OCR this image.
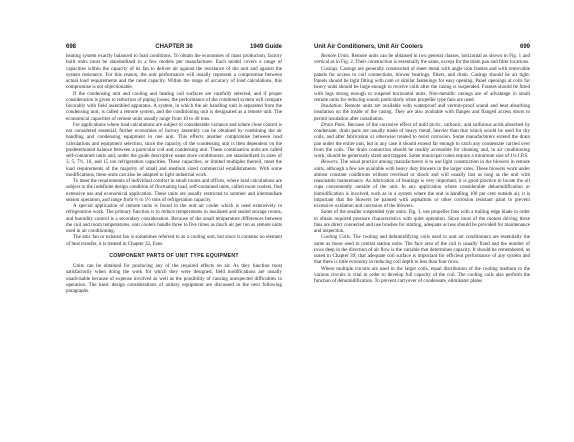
698	CHAPTER 36	1949 Guide

heating system exactly balanced to load conditions. To obtain the economies of mass production, factory built units must be standardized in a few models per manufacturer. Each model covers a range of capacities within the capacity of its fan to deliver air against the resistance of the unit and against the system resistance. For this reason, the unit performance will usually represent a compromise between actual load requirements and the rated capacity. Within the range of accuracy of load calculations, this compromise is not objectionable.

If the condensing unit and cooling and heating coil surfaces are carefully selected, and if proper consideration is given to reduction of piping losses, the performance of the combined system will compare favorably with field assembled apparatus. A system, in which the air handling unit is separated from the condensing unit, is called a remote system, and the conditioning unit is designated as a remote unit. The economical capacities of remote units usually range from 10 to 40 tons.

For applications where load calculations are subject to considerable variance and where close control is not considered essential, further economies of factory assembly can be obtained by combining the air handling and condensing equipment in one unit. This effects another compromise between load calculations and equipment selection, since the capacity of the condensing unit is then dependent on the predetermined balance between a particular coil and condensing unit. These combination units are called self-contained units and, under the guide descriptive name store conditioners, are standardized in sizes of 3, 5, 7½, 10, and 15 ton refrigeration capacities. These capacities, or limited multiples thereof, meet the load requirements of the majority of small and medium sized commercial establishments. With some modifications, these units can also be adapted to light industrial work.

To meet the requirements of individual comfort in small rooms and offices, where load calculations are subject to the indefinite design condition of fluctuating load, self-contained units, called room coolers, find extensive use and economical application. These units are usually restricted to summer and intermediate season operation, and range from ½ to 1½ tons of refrigeration capacity.

A special application of remote units is found in the unit air cooler which is used extensively in refrigeration work. The primary function is to reduce temperatures in insulated and sealed storage rooms, and humidity control is a secondary consideration. Because of the small temperature differences between the coil and room temperatures, unit coolers handle three to five times as much air per ton as remote units used in air conditioning.

The attic fan or exhaust fan is sometimes referred to as a cooling unit, but since it contains no element of heat transfer, it is treated in Chapter 32, Fans.

COMPONENT PARTS OF UNIT TYPE EQUIPMENT

Units can be obtained for producing any of the required effects on air. As they function most satisfactorily when doing the work for which they were designed, field modifications are usually unadvisable because of expense involved as well as the possibility of causing unexpected difficulties in operation. The basic design considerations of unitary equipment are discussed in the next following paragraphs.

Unit Air Conditioners, Unit Air Coolers	699

Remote Units. Remote units can be obtained in two general classes, horizontal as shown in Fig. 1 and vertical as in Fig. 2. Their construction is essentially the same, except for the drain pan and filter locations.

Casings. Casings are generally constructed of sheet metal with angle iron frames and with removable panels for access to coil connections, blower bearings, filters, and drain. Casings should be air tight. Panels should be tight fitting with cam or similar fastenings for easy opening. Panel openings at coils for heavy units should be large enough to receive coils after the casing is suspended. Frames should be fitted with lugs strong enough to suspend horizontal units. Non-metallic casings are of advantage in small remote units for reducing sound, particularly when propeller type fans are used.

Insulation. Remote units are available with waterproof and vermin-proof sound and heat absorbing insulation on the inside of the casing. They are also available with flanges and flanged access doors to permit insulation after installation.

Drain Pans. Because of the corrosive effect of mild picric, carbonic, and sulfurous acids absorbed by condensate, drain pans are usually made of heavy metal, heavier than that which would be used for dry coils, and after fabrication or otherwise treated to resist corrosion. Some manufacturers extend the drain pan under the entire unit, but in any case it should extend far enough to catch any condensate carried over from the coils. The drain connection should be readily accessible for cleaning and, in air conditioning work, should be generously sized and trapped. Some municipal codes require a minimum size of 1¼ I.P.S.

Blowers. The usual practice among manufacturers is to use light construction in the blowers in remote units, although a few are available with heavy duty blowers in the larger sizes. These blowers work under almost constant conditions without overload or shock and will usually last as long as the unit with reasonable maintenance. As lubrication of bearings is very important, it is good practice to locate the oil cups conveniently outside of the unit. In any application where considerable dehumidification or humidification is involved, such as in a system where the unit is handling 100 per cent outside air, it is important that the blowers be painted with asphaltum or other corrosion resistant paint to prevent excessive oxidation and corrosion of the blowers.

Some of the smaller suspended type units, Fig. 3, use propeller fans with a trailing edge blade in order to obtain required pressure characteristics with quiet operation. Since most of the motors driving these fans are direct connected and use brushes for starting, adequate access should be provided for maintenance and inspection.

Cooling Coils. The cooling and dehumidifying coils used in unit air conditioners are essentially the same as those used in central station units. The face area of the coil is usually fixed and the number of rows deep in the direction of air flow is the variable that determines capacity. It should be remembered, as noted in Chapter 39, that adequate coil surface is important for efficient performance of any system and that there is little economy in reducing coil depth to less than four rows.

Where multiple circuits are used in the larger coils, equal distribution of the cooling medium to the various circuits is vital in order to develop full capacity of the coil. The cooling coils also perform the function of dehumidification. To prevent carryover of condensate, eliminator plates
